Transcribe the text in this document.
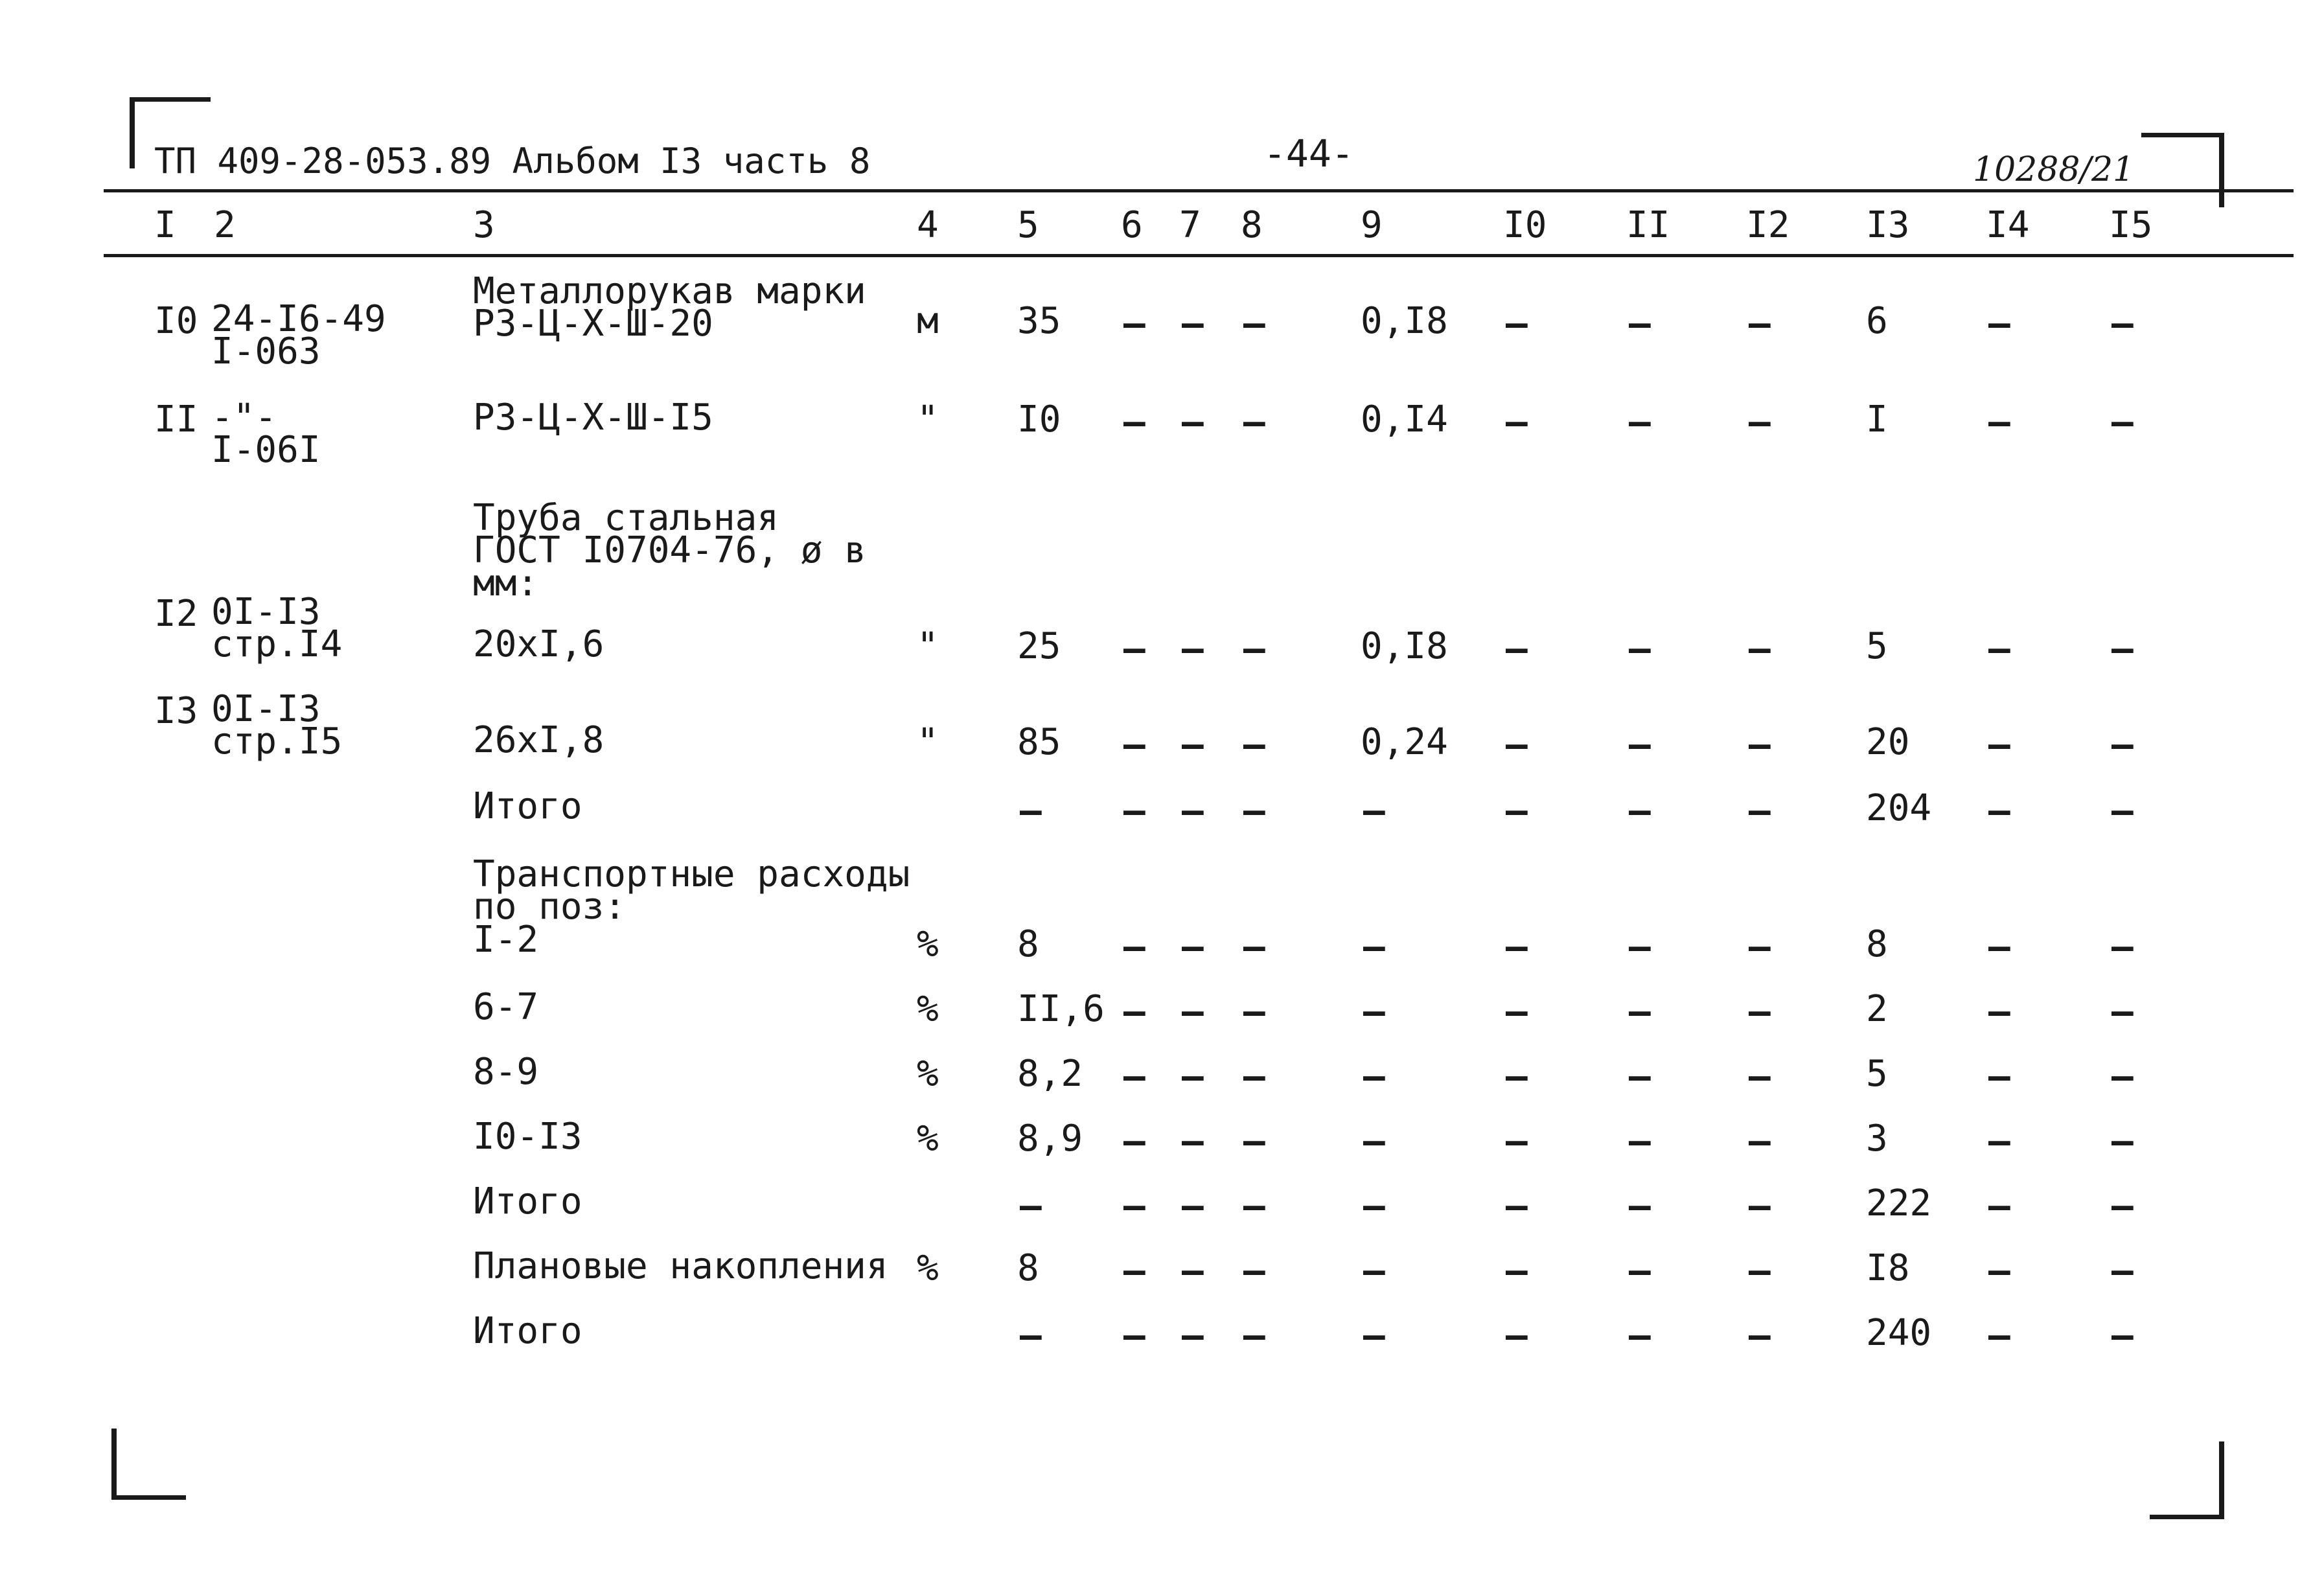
ТП 409-28-053.89 Альбом I3 часть 8	-44-	10288/21
I 2	3	4 5 6 7 8	9	I0 II I2 I3 I4 I5
I0 24-I6-49
I-063
Металлорукав марки
РЗ-Ц-Х-Ш-20	м 35 – – –	0,I8 –	–	–	6	–	–
II -"-
I-06I
РЗ-Ц-Х-Ш-I5	" I0 – – –	0,I4 –	–	–	I	–	–
Труба стальная
ГОСТ I0704-76, ø в
мм:
I2 0I-I3
стр.I4	20хI,6	" 25 – – –	0,I8 –	–	–	5	–	–
I3 0I-I3
стр.I5	26хI,8	" 85 – – –	0,24 –	–	–	20 –	–
Итого	– – – –	–	–	–	–	204 –	–
Транспортные расходы
по поз:
I-2	% 8 – – –	–	–	–	–	8	–	–
6-7	% II,6 – – –	–	–	–	–	2	–	–
8-9	% 8,2 – – –	–	–	–	–	5	–	–
I0-I3	% 8,9 – – –	–	–	–	–	3	–	–
Итого	– – – –	–	–	–	–	222 –	–
Плановые накопления % 8 – – –	–	–	–	–	I8 –	–
Итого	– – – –	–	–	–	–	240 –	–
